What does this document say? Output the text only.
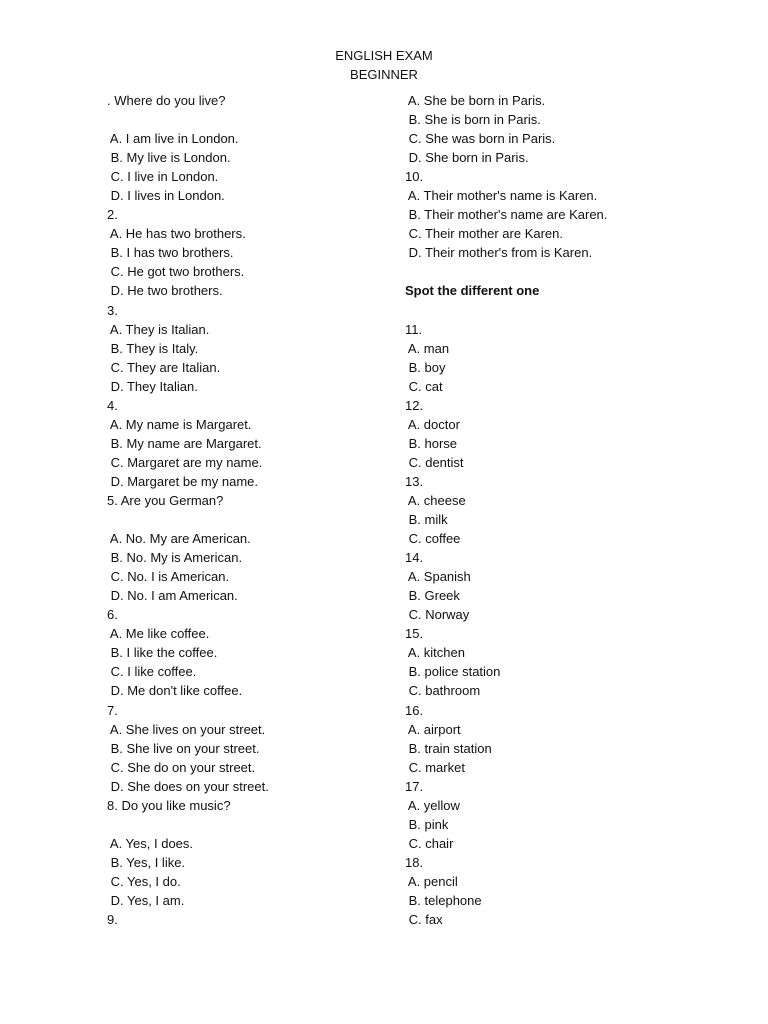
ENGLISH EXAM
BEGINNER
. Where do you live?
A. I am live in London.
B. My live is London.
C. I live in London.
D. I lives in London.
2.
A. He has two brothers.
B. I has two brothers.
C. He got two brothers.
D. He two brothers.
3.
A. They is Italian.
B. They is Italy.
C. They are Italian.
D. They Italian.
4.
A. My name is Margaret.
B. My name are Margaret.
C. Margaret are my name.
D. Margaret be my name.
5. Are you German?
A. No. My are American.
B. No. My is American.
C. No. I is American.
D. No. I am American.
6.
A. Me like coffee.
B. I like the coffee.
C. I like coffee.
D. Me don't like coffee.
7.
A. She lives on your street.
B. She live on your street.
C. She do on your street.
D. She does on your street.
8. Do you like music?
A. Yes, I does.
B. Yes, I like.
C. Yes, I do.
D. Yes, I am.
9.
A. She be born in Paris.
B. She is born in Paris.
C. She was born in Paris.
D. She born in Paris.
10.
A. Their mother's name is Karen.
B. Their mother's name are Karen.
C. Their mother are Karen.
D. Their mother's from is Karen.
Spot the different one
11.
A. man
B. boy
C. cat
12.
A. doctor
B. horse
C. dentist
13.
A. cheese
B. milk
C. coffee
14.
A. Spanish
B. Greek
C. Norway
15.
A. kitchen
B. police station
C. bathroom
16.
A. airport
B. train station
C. market
17.
A. yellow
B. pink
C. chair
18.
A. pencil
B. telephone
C. fax
